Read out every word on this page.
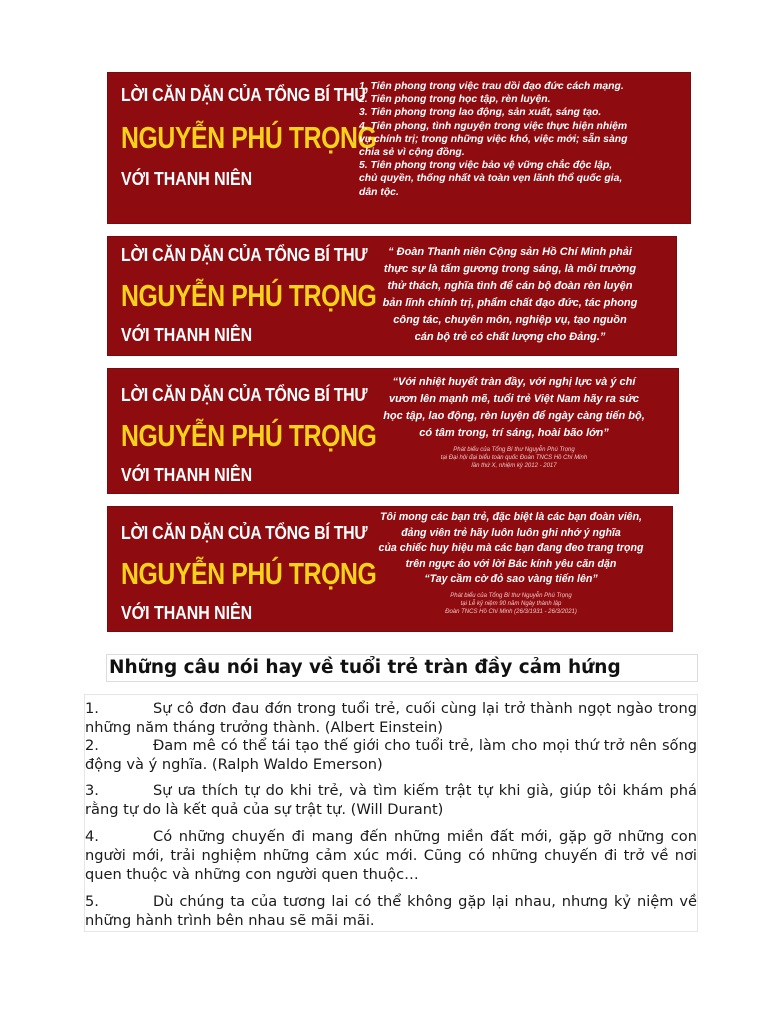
LỜI CĂN DẶN CỦA TỔNG BÍ THƯ
NGUYỄN PHÚ TRỌNG
VỚI THANH NIÊN
1. Tiên phong trong việc trau dồi đạo đức cách mạng.
2. Tiên phong trong học tập, rèn luyện.
3. Tiên phong trong lao động, sản xuất, sáng tạo.
4. Tiên phong, tình nguyện trong việc thực hiện nhiệm
vụ chính trị; trong những việc khó, việc mới; sẵn sàng
chia sẻ vì cộng đồng.
5. Tiên phong trong việc bảo vệ vững chắc độc lập,
chủ quyền, thống nhất và toàn vẹn lãnh thổ quốc gia,
dân tộc.
LỜI CĂN DẶN CỦA TỔNG BÍ THƯ
NGUYỄN PHÚ TRỌNG
VỚI THANH NIÊN
“ Đoàn Thanh niên Cộng sản Hồ Chí Minh phải
thực sự là tấm gương trong sáng, là môi trường
thử thách, nghĩa tình để cán bộ đoàn rèn luyện
bản lĩnh chính trị, phẩm chất đạo đức, tác phong
công tác, chuyên môn, nghiệp vụ, tạo nguồn
cán bộ trẻ có chất lượng cho Đảng.”
LỜI CĂN DẶN CỦA TỔNG BÍ THƯ
NGUYỄN PHÚ TRỌNG
VỚI THANH NIÊN
“Với nhiệt huyết tràn đầy, với nghị lực và ý chí
vươn lên mạnh mẽ, tuổi trẻ Việt Nam hãy ra sức
học tập, lao động, rèn luyện để ngày càng tiến bộ,
có tâm trong, trí sáng, hoài bão lớn”
Phát biểu của Tổng Bí thư Nguyễn Phú Trọng
tại Đại hội đại biểu toàn quốc Đoàn TNCS Hồ Chí Minh
lần thứ X, nhiệm kỳ 2012 - 2017
LỜI CĂN DẶN CỦA TỔNG BÍ THƯ
NGUYỄN PHÚ TRỌNG
VỚI THANH NIÊN
Tôi mong các bạn trẻ, đặc biệt là các bạn đoàn viên,
đảng viên trẻ hãy luôn luôn ghi nhớ ý nghĩa
của chiếc huy hiệu mà các bạn đang đeo trang trọng
trên ngực áo với lời Bác kính yêu căn dặn
“Tay cầm cờ đỏ sao vàng tiến lên”
Phát biểu của Tổng Bí thư Nguyễn Phú Trọng
tại Lễ kỷ niệm 90 năm Ngày thành lập
Đoàn TNCS Hồ Chí Minh (26/3/1931 - 26/3/2021)
Những câu nói hay về tuổi trẻ tràn đầy cảm hứng
1.	Sự cô đơn đau đớn trong tuổi trẻ, cuối cùng lại trở thành ngọt ngào trong những năm tháng trưởng thành. (Albert Einstein)
2.	Đam mê có thể tái tạo thế giới cho tuổi trẻ, làm cho mọi thứ trở nên sống động và ý nghĩa. (Ralph Waldo Emerson)
3.	Sự ưa thích tự do khi trẻ, và tìm kiếm trật tự khi già, giúp tôi khám phá rằng tự do là kết quả của sự trật tự. (Will Durant)
4.	Có những chuyến đi mang đến những miền đất mới, gặp gỡ những con người mới, trải nghiệm những cảm xúc mới. Cũng có những chuyến đi trở về nơi quen thuộc và những con người quen thuộc…
5.	Dù chúng ta của tương lai có thể không gặp lại nhau, nhưng kỷ niệm về những hành trình bên nhau sẽ mãi mãi.
